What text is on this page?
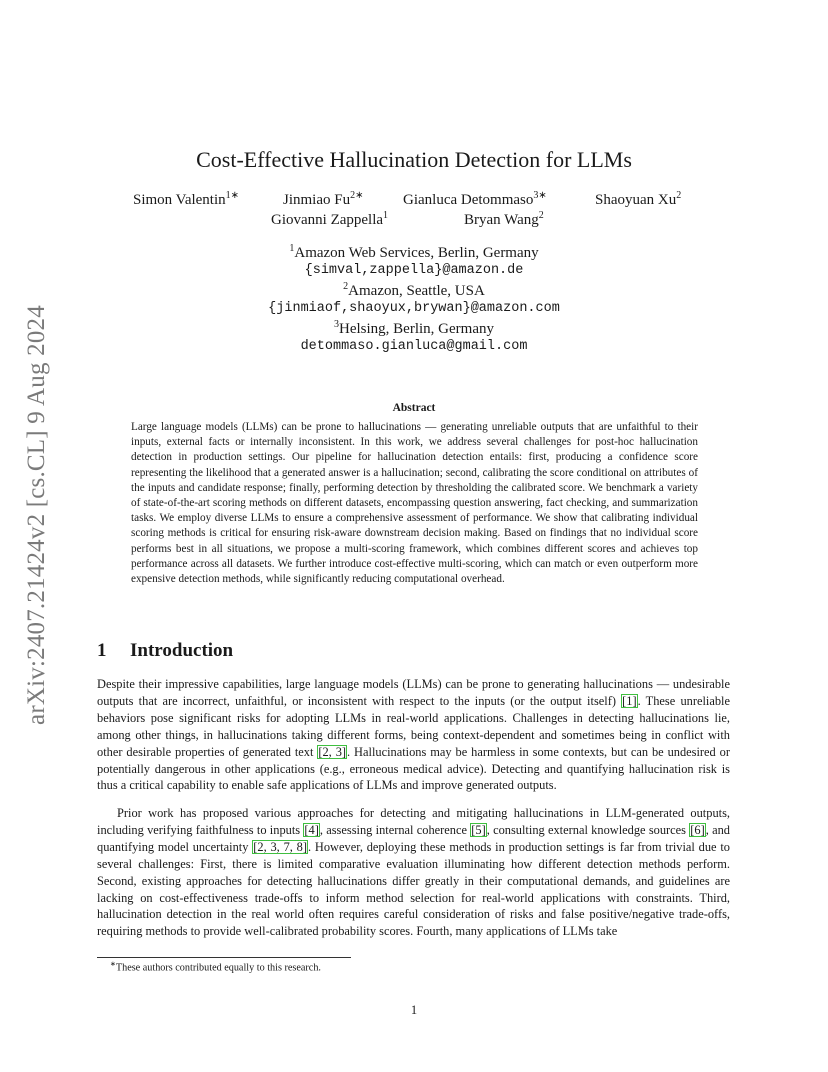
arXiv:2407.21424v2 [cs.CL] 9 Aug 2024
Cost-Effective Hallucination Detection for LLMs
Simon Valentin$^{1∗}$	Jinmiao $Fu^{2∗}$	Gianluca Detommaso$^{3∗}$	Shaoyuan Xu$^2$
Giovanni Zappella$^1$	Bryan Wang$^2$
$^1$Amazon Web Services, Berlin, Germany
{simval,zappella}@amazon.de
$^2$Amazon, Seattle, USA
{jinmiaof,shaoyux,brywan}@amazon.com
$^3$Helsing, Berlin, Germany
detommaso.gianluca@gmail.com
Abstract

Large language models (LLMs) can be prone to hallucinations — generating unreliable outputs that are unfaithful to their inputs, external facts or internally inconsistent. In this work, we address several challenges for post-hoc hallucination detection in production settings. Our pipeline for hallucination detection entails: first, producing a confidence score representing the likelihood that a generated answer is a hallucination; second, calibrating the score conditional on attributes of the inputs and candidate response; finally, performing detection by thresholding the calibrated score. We benchmark a variety of state-of-the-art scoring methods on different datasets, encompassing question answering, fact checking, and summarization tasks. We employ diverse LLMs to ensure a comprehensive assessment of performance. We show that calibrating individual scoring methods is critical for ensuring risk-aware downstream decision making. Based on findings that no individual score performs best in all situations, we propose a multi-scoring framework, which combines different scores and achieves top performance across all datasets. We further introduce cost-effective multi-scoring, which can match or even outperform more expensive detection methods, while significantly reducing computational overhead.

1 Introduction

Despite their impressive capabilities, large language models (LLMs) can be prone to generating hallucinations — undesirable outputs that are incorrect, unfaithful, or inconsistent with respect to the inputs (or the output itself) [1]. These unreliable behaviors pose significant risks for adopting LLMs in real-world applications. Challenges in detecting hallucinations lie, among other things, in hallucinations taking different forms, being context-dependent and sometimes being in conflict with other desirable properties of generated text [2, 3]. Hallucinations may be harmless in some contexts, but can be undesired or potentially dangerous in other applications (e.g., erroneous medical advice). Detecting and quantifying hallucination risk is thus a critical capability to enable safe applications of LLMs and improve generated outputs.

Prior work has proposed various approaches for detecting and mitigating hallucinations in LLM-generated outputs, including verifying faithfulness to inputs [4], assessing internal coherence [5], consulting external knowledge sources [6], and quantifying model uncertainty [2, 3, 7, 8]. However, deploying these methods in production settings is far from trivial due to several challenges: First, there is limited comparative evaluation illuminating how different detection methods perform. Second, existing approaches for detecting hallucinations differ greatly in their computational demands, and guidelines are lacking on cost-effectiveness trade-offs to inform method selection for real-world applications with constraints. Third, hallucination detection in the real world often requires careful consideration of risks and false positive/negative trade-offs, requiring methods to provide well-calibrated probability scores. Fourth, many applications of LLMs take

∗These authors contributed equally to this research.
1
